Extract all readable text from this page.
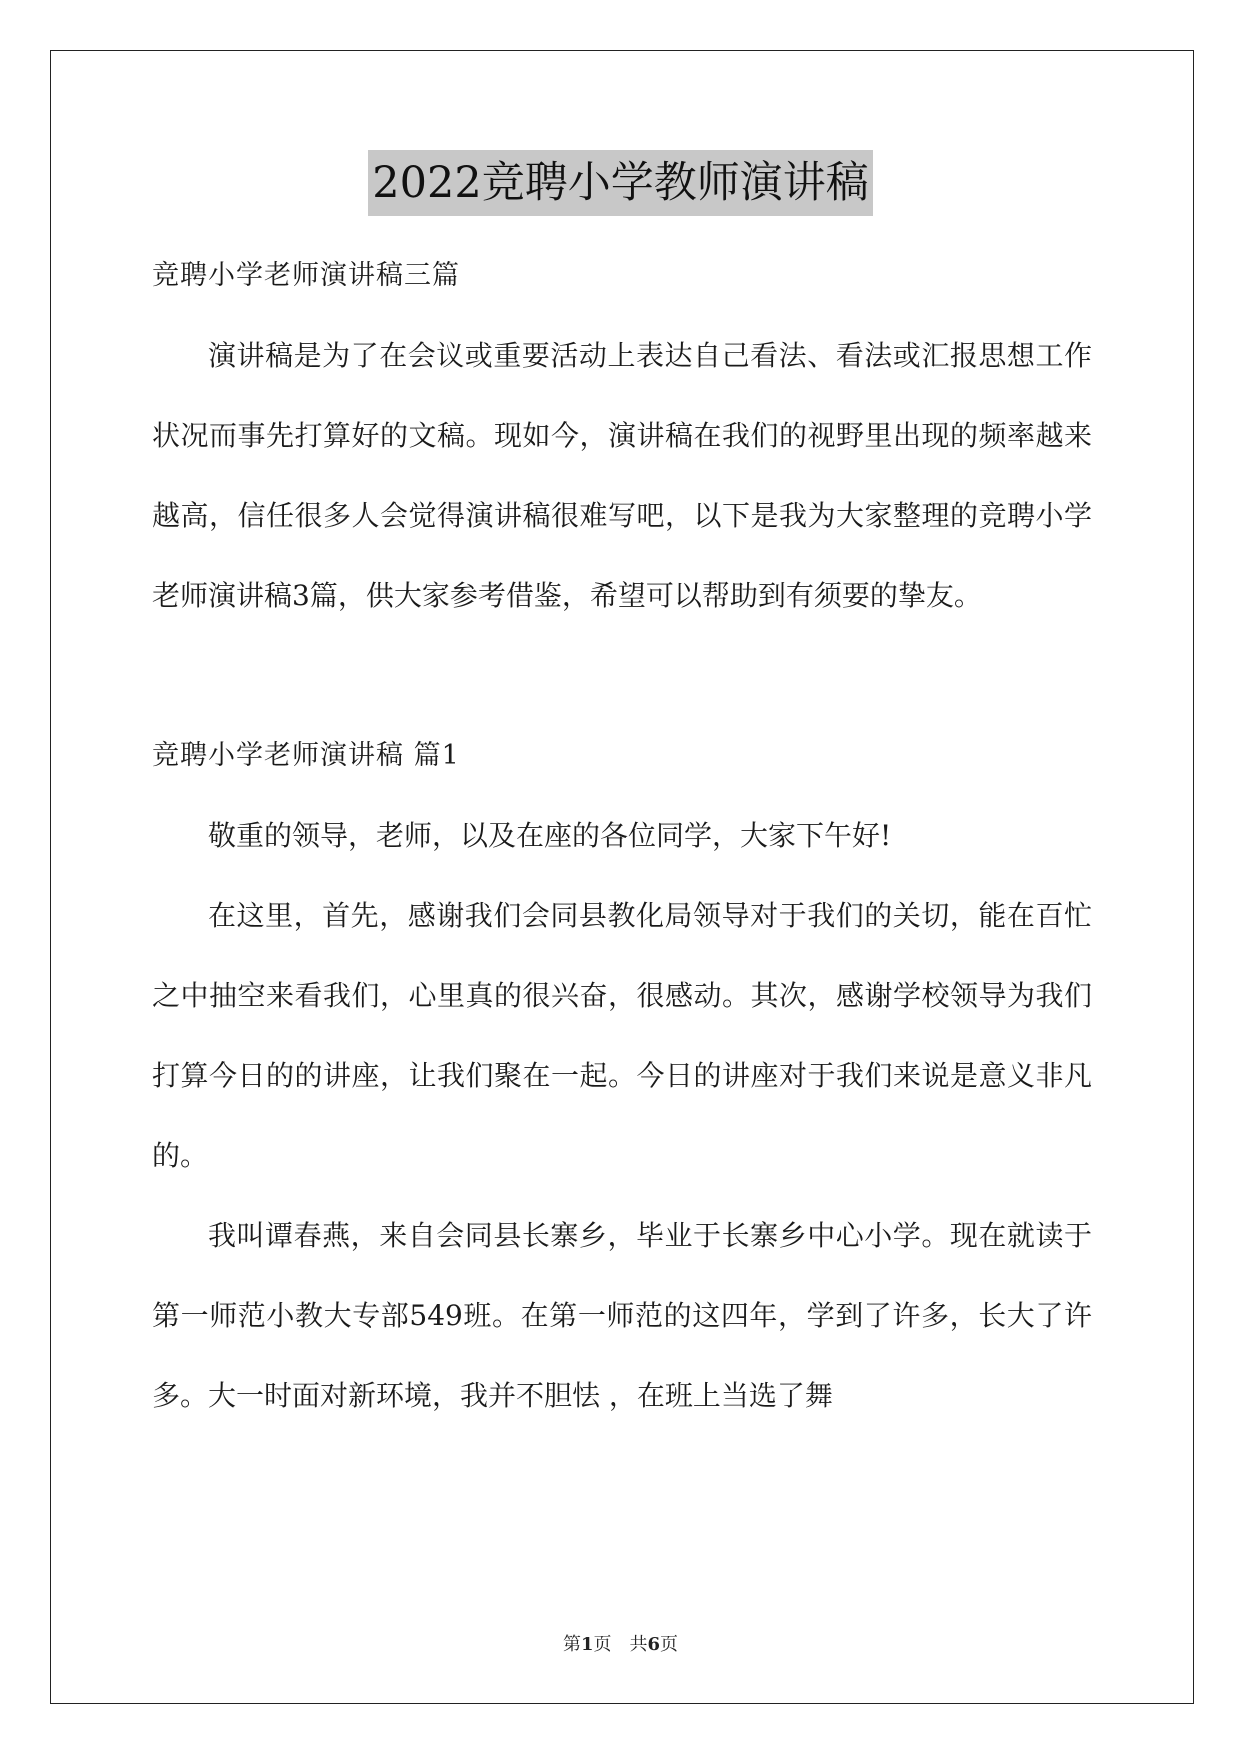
2022竞聘小学教师演讲稿
竞聘小学老师演讲稿三篇

演讲稿是为了在会议或重要活动上表达自己看法、看法或汇报思想工作状况而事先打算好的文稿。现如今，演讲稿在我们的视野里出现的频率越来越高，信任很多人会觉得演讲稿很难写吧，以下是我为大家整理的竞聘小学老师演讲稿3篇，供大家参考借鉴，希望可以帮助到有须要的挚友。

竞聘小学老师演讲稿 篇1

敬重的领导，老师，以及在座的各位同学，大家下午好!

在这里，首先，感谢我们会同县教化局领导对于我们的关切，能在百忙之中抽空来看我们，心里真的很兴奋，很感动。其次，感谢学校领导为我们打算今日的的讲座，让我们聚在一起。今日的讲座对于我们来说是意义非凡的。

我叫谭春燕，来自会同县长寨乡，毕业于长寨乡中心小学。现在就读于第一师范小教大专部549班。在第一师范的这四年，学到了许多，长大了许多。大一时面对新环境，我并不胆怯 ，在班上当选了舞

第1页　共6页
